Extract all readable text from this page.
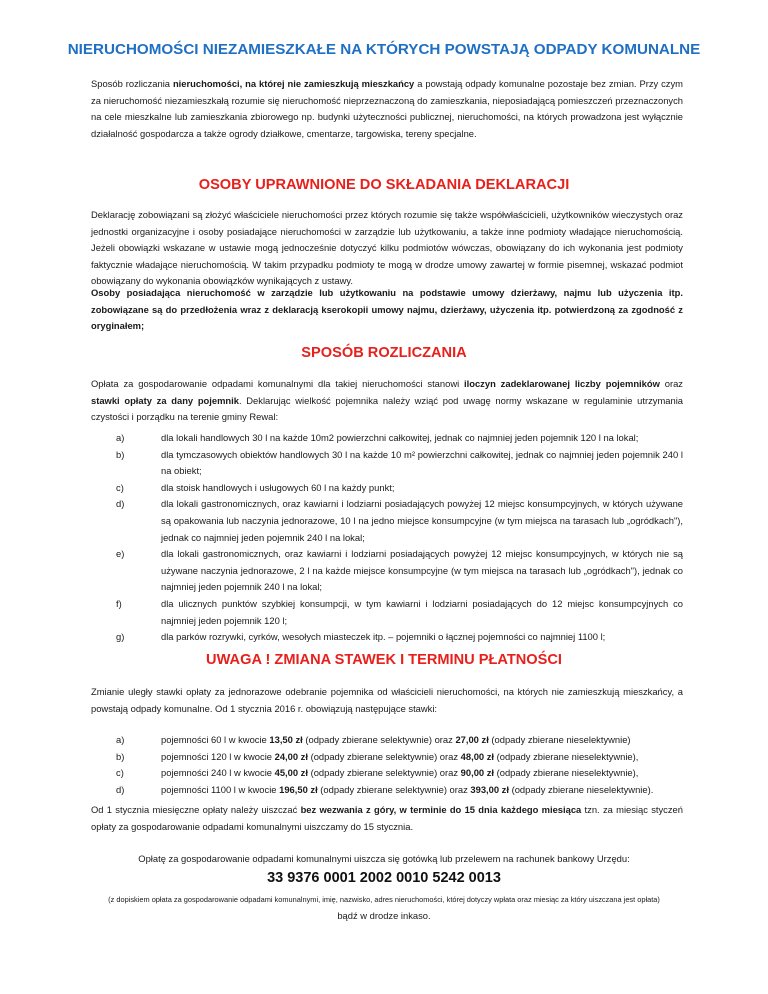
NIERUCHOMOŚCI NIEZAMIESZKAŁE NA KTÓRYCH POWSTAJĄ ODPADY KOMUNALNE

Sposób rozliczania nieruchomości, na której nie zamieszkują mieszkańcy a powstają odpady komunalne pozostaje bez zmian. Przy czym za nieruchomość niezamieszkałą rozumie się nieruchomość nieprzeznaczoną do zamieszkania, nieposiadającą pomieszczeń przeznaczonych na cele mieszkalne lub zamieszkania zbiorowego np. budynki użyteczności publicznej, nieruchomości, na których prowadzona jest wyłącznie działalność gospodarcza a także ogrody działkowe, cmentarze, targowiska, tereny specjalne.

OSOBY UPRAWNIONE DO SKŁADANIA DEKLARACJI

Deklarację zobowiązani są złożyć właściciele nieruchomości przez których rozumie się także współwłaścicieli, użytkowników wieczystych oraz jednostki organizacyjne i osoby posiadające nieruchomości w zarządzie lub użytkowaniu, a także inne podmioty władające nieruchomością. Jeżeli obowiązki wskazane w ustawie mogą jednocześnie dotyczyć kilku podmiotów wówczas, obowiązany do ich wykonania jest podmioty faktycznie władające nieruchomością. W takim przypadku podmioty te mogą w drodze umowy zawartej w formie pisemnej, wskazać podmiot obowiązany do wykonania obowiązków wynikających z ustawy.

Osoby posiadająca nieruchomość w zarządzie lub użytkowaniu na podstawie umowy dzierżawy, najmu lub użyczenia itp. zobowiązane są do przedłożenia wraz z deklaracją kserokopii umowy najmu, dzierżawy, użyczenia itp. potwierdzoną za zgodność z oryginałem;

SPOSÓB ROZLICZANIA

Opłata za gospodarowanie odpadami komunalnymi dla takiej nieruchomości stanowi iloczyn zadeklarowanej liczby pojemników oraz stawki opłaty za dany pojemnik. Deklarując wielkość pojemnika należy wziąć pod uwagę normy wskazane w regulaminie utrzymania czystości i porządku na terenie gminy Rewal:

a)	dla lokali handlowych 30 l na każde 10m2 powierzchni całkowitej, jednak co najmniej jeden pojemnik 120 l na lokal;
b)	dla tymczasowych obiektów handlowych 30 l na każde 10 m² powierzchni całkowitej, jednak co najmniej jeden pojemnik 240 l na obiekt;
c)	dla stoisk handlowych i usługowych 60 l na każdy punkt;
d)	dla lokali gastronomicznych, oraz kawiarni i lodziarni posiadających powyżej 12 miejsc konsumpcyjnych, w których używane są opakowania lub naczynia jednorazowe, 10 l na jedno miejsce konsumpcyjne (w tym miejsca na tarasach lub „ogródkach"), jednak co najmniej jeden pojemnik 240 l na lokal;
e)	dla lokali gastronomicznych, oraz kawiarni i lodziarni posiadających powyżej 12 miejsc konsumpcyjnych, w których nie są używane naczynia jednorazowe, 2 l na każde miejsce konsumpcyjne (w tym miejsca na tarasach lub „ogródkach"), jednak co najmniej jeden pojemnik 240 l na lokal;
f)	dla ulicznych punktów szybkiej konsumpcji, w tym kawiarni i lodziarni posiadających do 12 miejsc konsumpcyjnych co najmniej jeden pojemnik 120 l;
g)	dla parków rozrywki, cyrków, wesołych miasteczek itp. – pojemniki o łącznej pojemności co najmniej 1100 l;
UWAGA ! ZMIANA STAWEK I TERMINU PŁATNOŚCI

Zmianie uległy stawki opłaty za jednorazowe odebranie pojemnika od właścicieli nieruchomości, na których nie zamieszkują mieszkańcy, a powstają odpady komunalne. Od 1 stycznia 2016 r. obowiązują następujące stawki:

a)	pojemności 60 l w kwocie 13,50 zł (odpady zbierane selektywnie) oraz 27,00 zł (odpady zbierane nieselektywnie)
b)	pojemności 120 l w kwocie 24,00 zł (odpady zbierane selektywnie) oraz 48,00 zł (odpady zbierane nieselektywnie),
c)	pojemności 240 l w kwocie 45,00 zł (odpady zbierane selektywnie) oraz 90,00 zł (odpady zbierane nieselektywnie),
d)	pojemności 1100 l w kwocie 196,50 zł (odpady zbierane selektywnie) oraz 393,00 zł (odpady zbierane nieselektywnie).

Od 1 stycznia miesięczne opłaty należy uiszczać bez wezwania z góry, w terminie do 15 dnia każdego miesiąca tzn. za miesiąc styczeń opłaty za gospodarowanie odpadami komunalnymi uiszczamy do 15 stycznia.

Opłatę za gospodarowanie odpadami komunalnymi uiszcza się gotówką lub przelewem na rachunek bankowy Urzędu:

33 9376 0001 2002 0010 5242 0013

(z dopiskiem opłata za gospodarowanie odpadami komunalnymi, imię, nazwisko, adres nieruchomości, której dotyczy wpłata oraz miesiąc za który uiszczana jest opłata)

bądź w drodze inkaso.
